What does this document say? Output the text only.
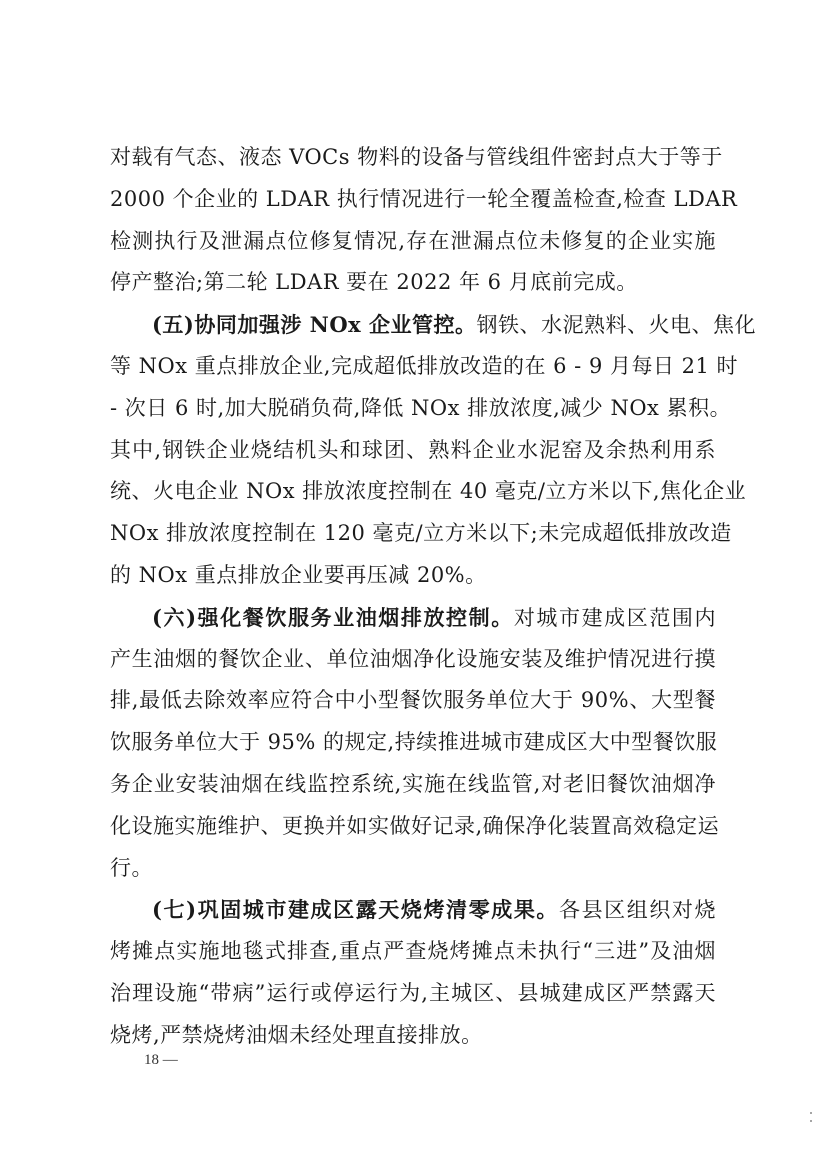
对载有气态、液态 VOCs 物料的设备与管线组件密封点大于等于
2000 个企业的 LDAR 执行情况进行一轮全覆盖检查,检查 LDAR
检测执行及泄漏点位修复情况,存在泄漏点位未修复的企业实施
停产整治;第二轮 LDAR 要在 2022 年 6 月底前完成。
(五)协同加强涉 NOx 企业管控。钢铁、水泥熟料、火电、焦化
等 NOx 重点排放企业,完成超低排放改造的在 6 - 9 月每日 21 时
- 次日 6 时,加大脱硝负荷,降低 NOx 排放浓度,减少 NOx 累积。
其中,钢铁企业烧结机头和球团、熟料企业水泥窑及余热利用系
统、火电企业 NOx 排放浓度控制在 40 毫克/立方米以下,焦化企业
NOx 排放浓度控制在 120 毫克/立方米以下;未完成超低排放改造
的 NOx 重点排放企业要再压减 20%。
(六)强化餐饮服务业油烟排放控制。对城市建成区范围内
产生油烟的餐饮企业、单位油烟净化设施安装及维护情况进行摸
排,最低去除效率应符合中小型餐饮服务单位大于 90%、大型餐
饮服务单位大于 95% 的规定,持续推进城市建成区大中型餐饮服
务企业安装油烟在线监控系统,实施在线监管,对老旧餐饮油烟净
化设施实施维护、更换并如实做好记录,确保净化装置高效稳定运
行。
(七)巩固城市建成区露天烧烤清零成果。各县区组织对烧
烤摊点实施地毯式排查,重点严查烧烤摊点未执行“三进”及油烟
治理设施“带病”运行或停运行为,主城区、县城建成区严禁露天
烧烤,严禁烧烤油烟未经处理直接排放。
18 —
